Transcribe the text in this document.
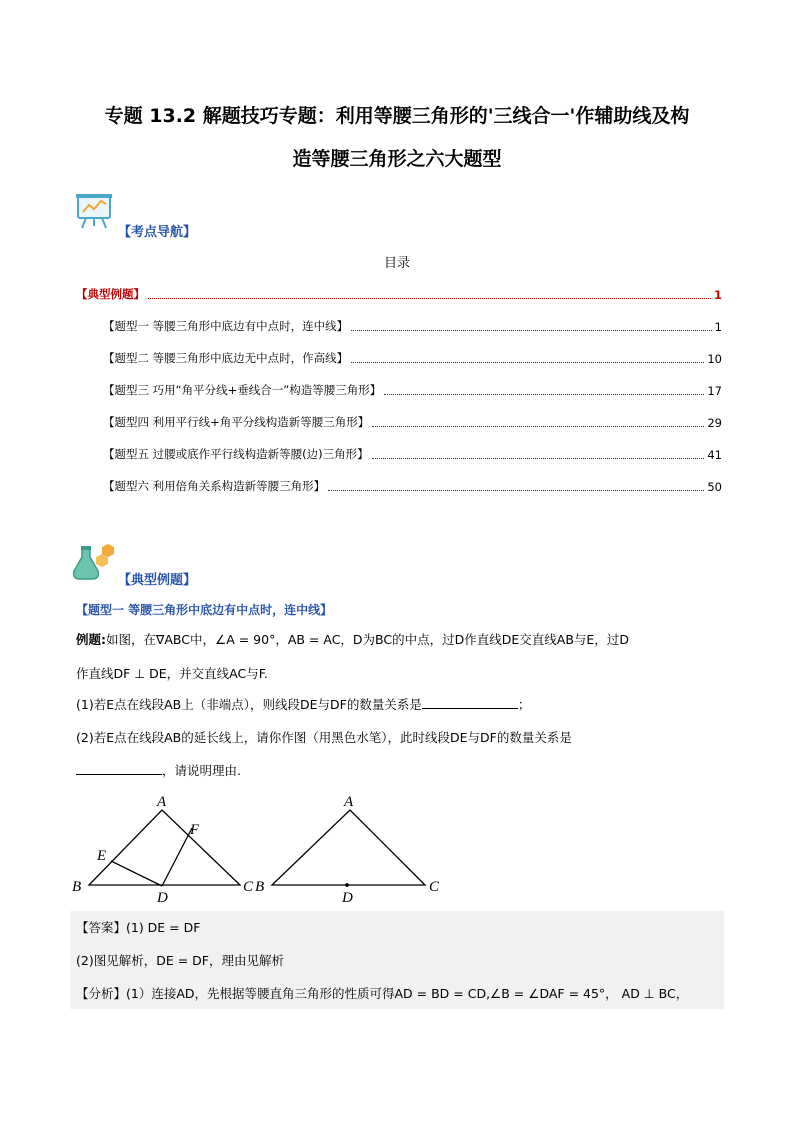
专题 13.2 解题技巧专题：利用等腰三角形的'三线合一'作辅助线及构
造等腰三角形之六大题型
【考点导航】
目录
【典型例题】	1
【题型一 等腰三角形中底边有中点时，连中线】	1
【题型二 等腰三角形中底边无中点时，作高线】	10
【题型三 巧用“角平分线+垂线合一”构造等腰三角形】	17
【题型四 利用平行线+角平分线构造新等腰三角形】	29
【题型五 过腰或底作平行线构造新等腰(边)三角形】	41
【题型六 利用倍角关系构造新等腰三角形】	50
【典型例题】
【题型一 等腰三角形中底边有中点时，连中线】
例题:如图，在∇ABC中，∠A = 90°，AB = AC，D为BC的中点，过D作直线DE交直线AB与E，过D
作直线DF ⊥ DE，并交直线AC与F.
(1)若E点在线段AB上（非端点），则线段DE与DF的数量关系是	；
(2)若E点在线段AB的延长线上，请你作图（用黑色水笔），此时线段DE与DF的数量关系是
，请说明理由.
A
F
E
B
D
C B
A
D
C
【答案】(1) DE = DF
(2)图见解析，DE = DF，理由见解析
【分析】(1）连接AD，先根据等腰直角三角形的性质可得AD = BD = CD,∠B = ∠DAF = 45°， AD ⊥ BC，
